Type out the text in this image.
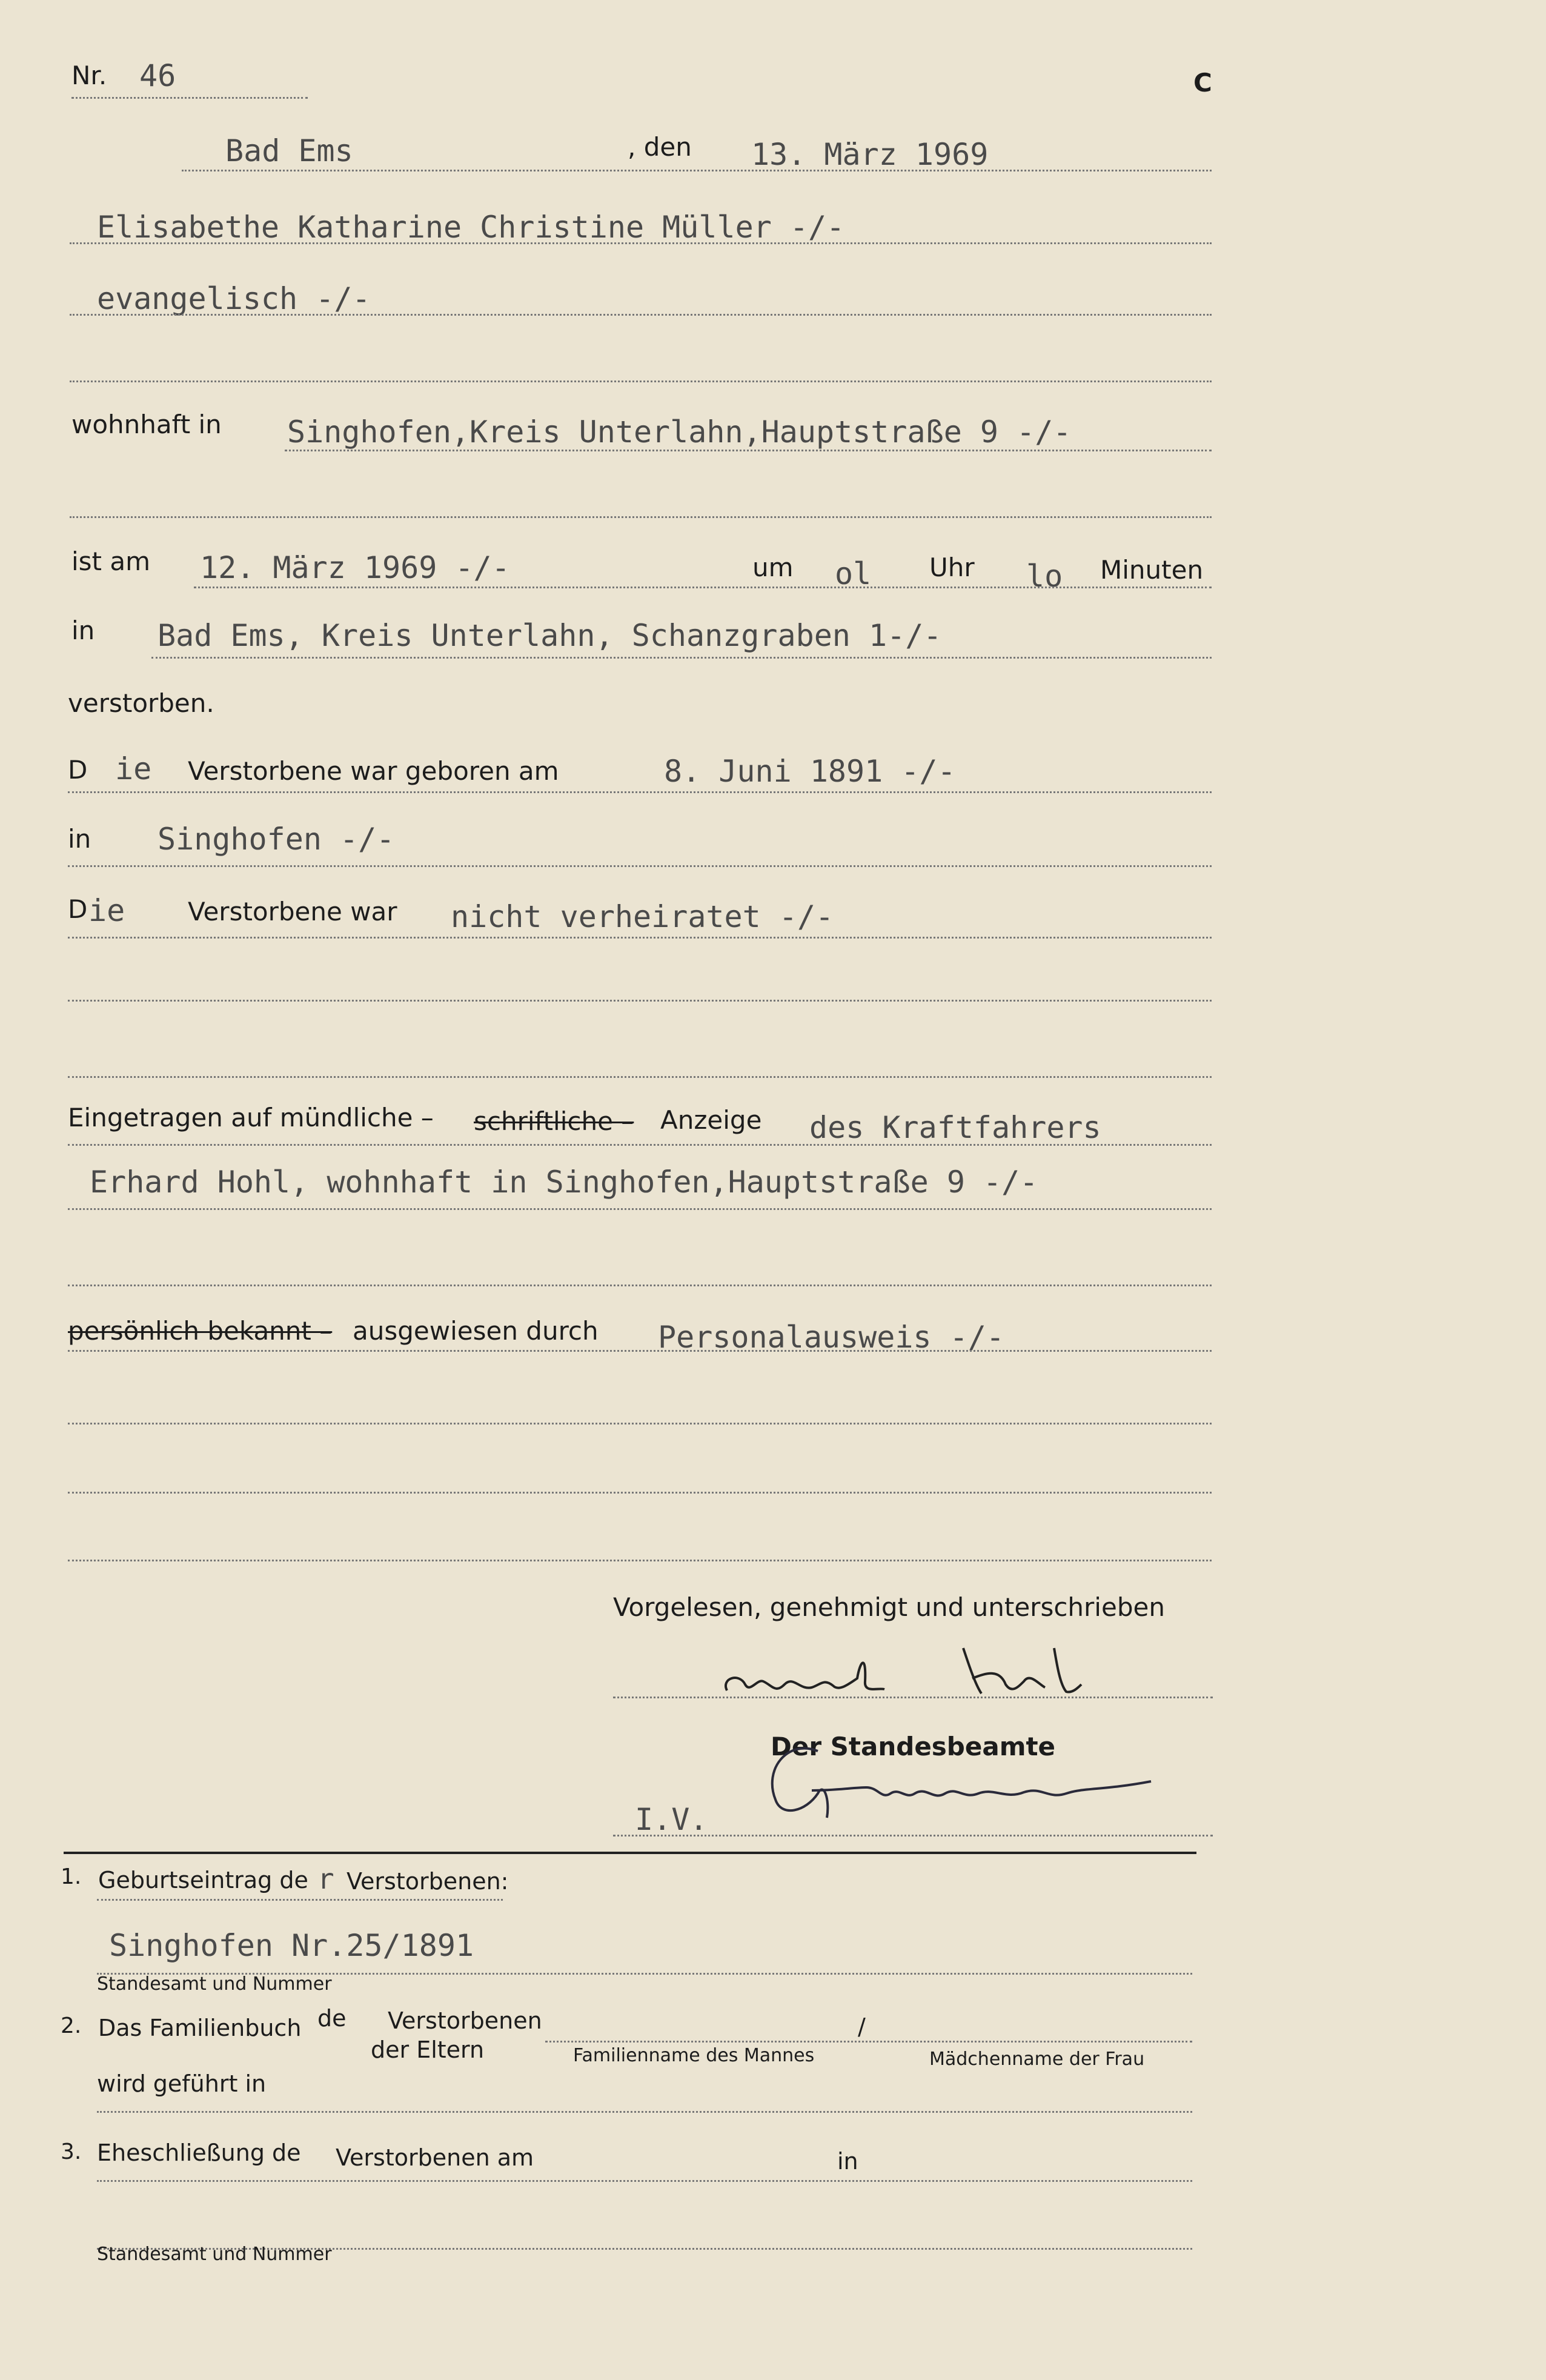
Nr. 46	C
Bad Ems	, den 13. März 1969
Elisabethe Katharine Christine Müller -/-
evangelisch -/-
wohnhaft in Singhofen,Kreis Unterlahn,Hauptstraße 9 -/-
ist am 12. März 1969 -/-	um ol Uhr lo Minuten
in Bad Ems, Kreis Unterlahn, Schanzgraben 1-/-
verstorben.
D ie Verstorbene war geboren am	8. Juni 1891 -/-
in Singhofen -/-
D ie Verstorbene war nicht verheiratet -/-
Eingetragen auf mündliche – schriftliche – Anzeige des Kraftfahrers
Erhard Hohl, wohnhaft in Singhofen,Hauptstraße 9 -/-
persönlich bekannt – ausgewiesen durch Personalausweis -/-
Vorgelesen, genehmigt und unterschrieben
Der Standesbeamte
I.V.
1. Geburtseintrag de r Verstorbenen:
Singhofen Nr.25/1891
Standesamt und Nummer
2. Das Familienbuch de Verstorbenen
der Eltern
/
Familienname des Mannes	Mädchenname der Frau
wird geführt in
3. Eheschließung de Verstorbenen am	in
Standesamt und Nummer
